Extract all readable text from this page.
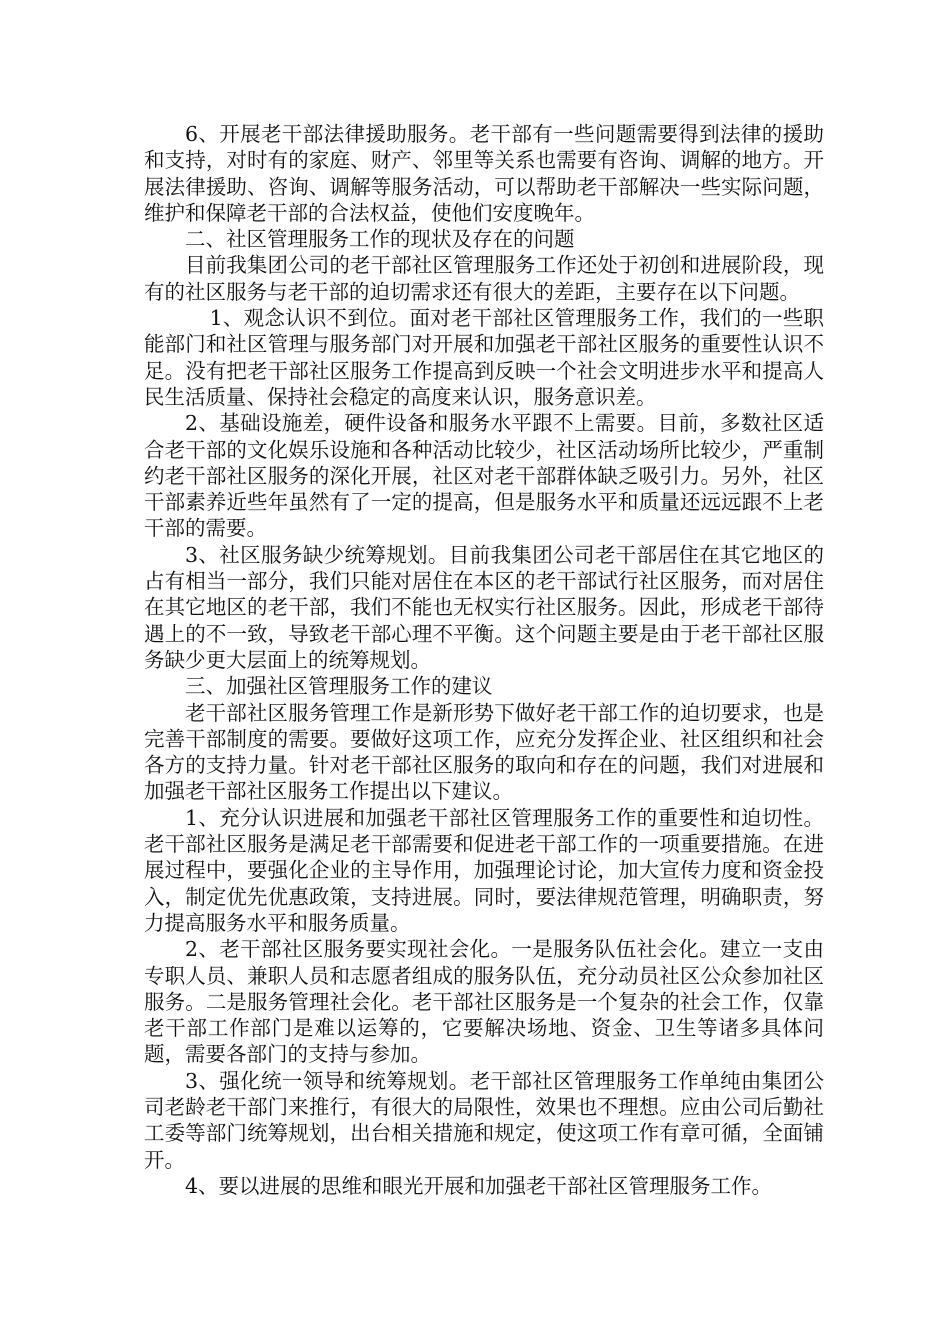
6、开展老干部法律援助服务。老干部有一些问题需要得到法律的援助和支持，对时有的家庭、财产、邻里等关系也需要有咨询、调解的地方。开展法律援助、咨询、调解等服务活动，可以帮助老干部解决一些实际问题，维护和保障老干部的合法权益，使他们安度晚年。

二、社区管理服务工作的现状及存在的问题

目前我集团公司的老干部社区管理服务工作还处于初创和进展阶段，现有的社区服务与老干部的迫切需求还有很大的差距，主要存在以下问题。

1、观念认识不到位。面对老干部社区管理服务工作，我们的一些职能部门和社区管理与服务部门对开展和加强老干部社区服务的重要性认识不足。没有把老干部社区服务工作提高到反映一个社会文明进步水平和提高人民生活质量、保持社会稳定的高度来认识，服务意识差。

2、基础设施差，硬件设备和服务水平跟不上需要。目前，多数社区适合老干部的文化娱乐设施和各种活动比较少，社区活动场所比较少，严重制约老干部社区服务的深化开展，社区对老干部群体缺乏吸引力。另外，社区干部素养近些年虽然有了一定的提高，但是服务水平和质量还远远跟不上老干部的需要。

3、社区服务缺少统筹规划。目前我集团公司老干部居住在其它地区的占有相当一部分，我们只能对居住在本区的老干部试行社区服务，而对居住在其它地区的老干部，我们不能也无权实行社区服务。因此，形成老干部待遇上的不一致，导致老干部心理不平衡。这个问题主要是由于老干部社区服务缺少更大层面上的统筹规划。

三、加强社区管理服务工作的建议

老干部社区服务管理工作是新形势下做好老干部工作的迫切要求，也是完善干部制度的需要。要做好这项工作，应充分发挥企业、社区组织和社会各方的支持力量。针对老干部社区服务的取向和存在的问题，我们对进展和加强老干部社区服务工作提出以下建议。

1、充分认识进展和加强老干部社区管理服务工作的重要性和迫切性。老干部社区服务是满足老干部需要和促进老干部工作的一项重要措施。在进展过程中，要强化企业的主导作用，加强理论讨论，加大宣传力度和资金投入，制定优先优惠政策，支持进展。同时，要法律规范管理，明确职责，努力提高服务水平和服务质量。

2、老干部社区服务要实现社会化。一是服务队伍社会化。建立一支由专职人员、兼职人员和志愿者组成的服务队伍，充分动员社区公众参加社区服务。二是服务管理社会化。老干部社区服务是一个复杂的社会工作，仅靠老干部工作部门是难以运筹的，它要解决场地、资金、卫生等诸多具体问题，需要各部门的支持与参加。

3、强化统一领导和统筹规划。老干部社区管理服务工作单纯由集团公司老龄老干部门来推行，有很大的局限性，效果也不理想。应由公司后勤社工委等部门统筹规划，出台相关措施和规定，使这项工作有章可循，全面铺开。

4、要以进展的思维和眼光开展和加强老干部社区管理服务工作。
